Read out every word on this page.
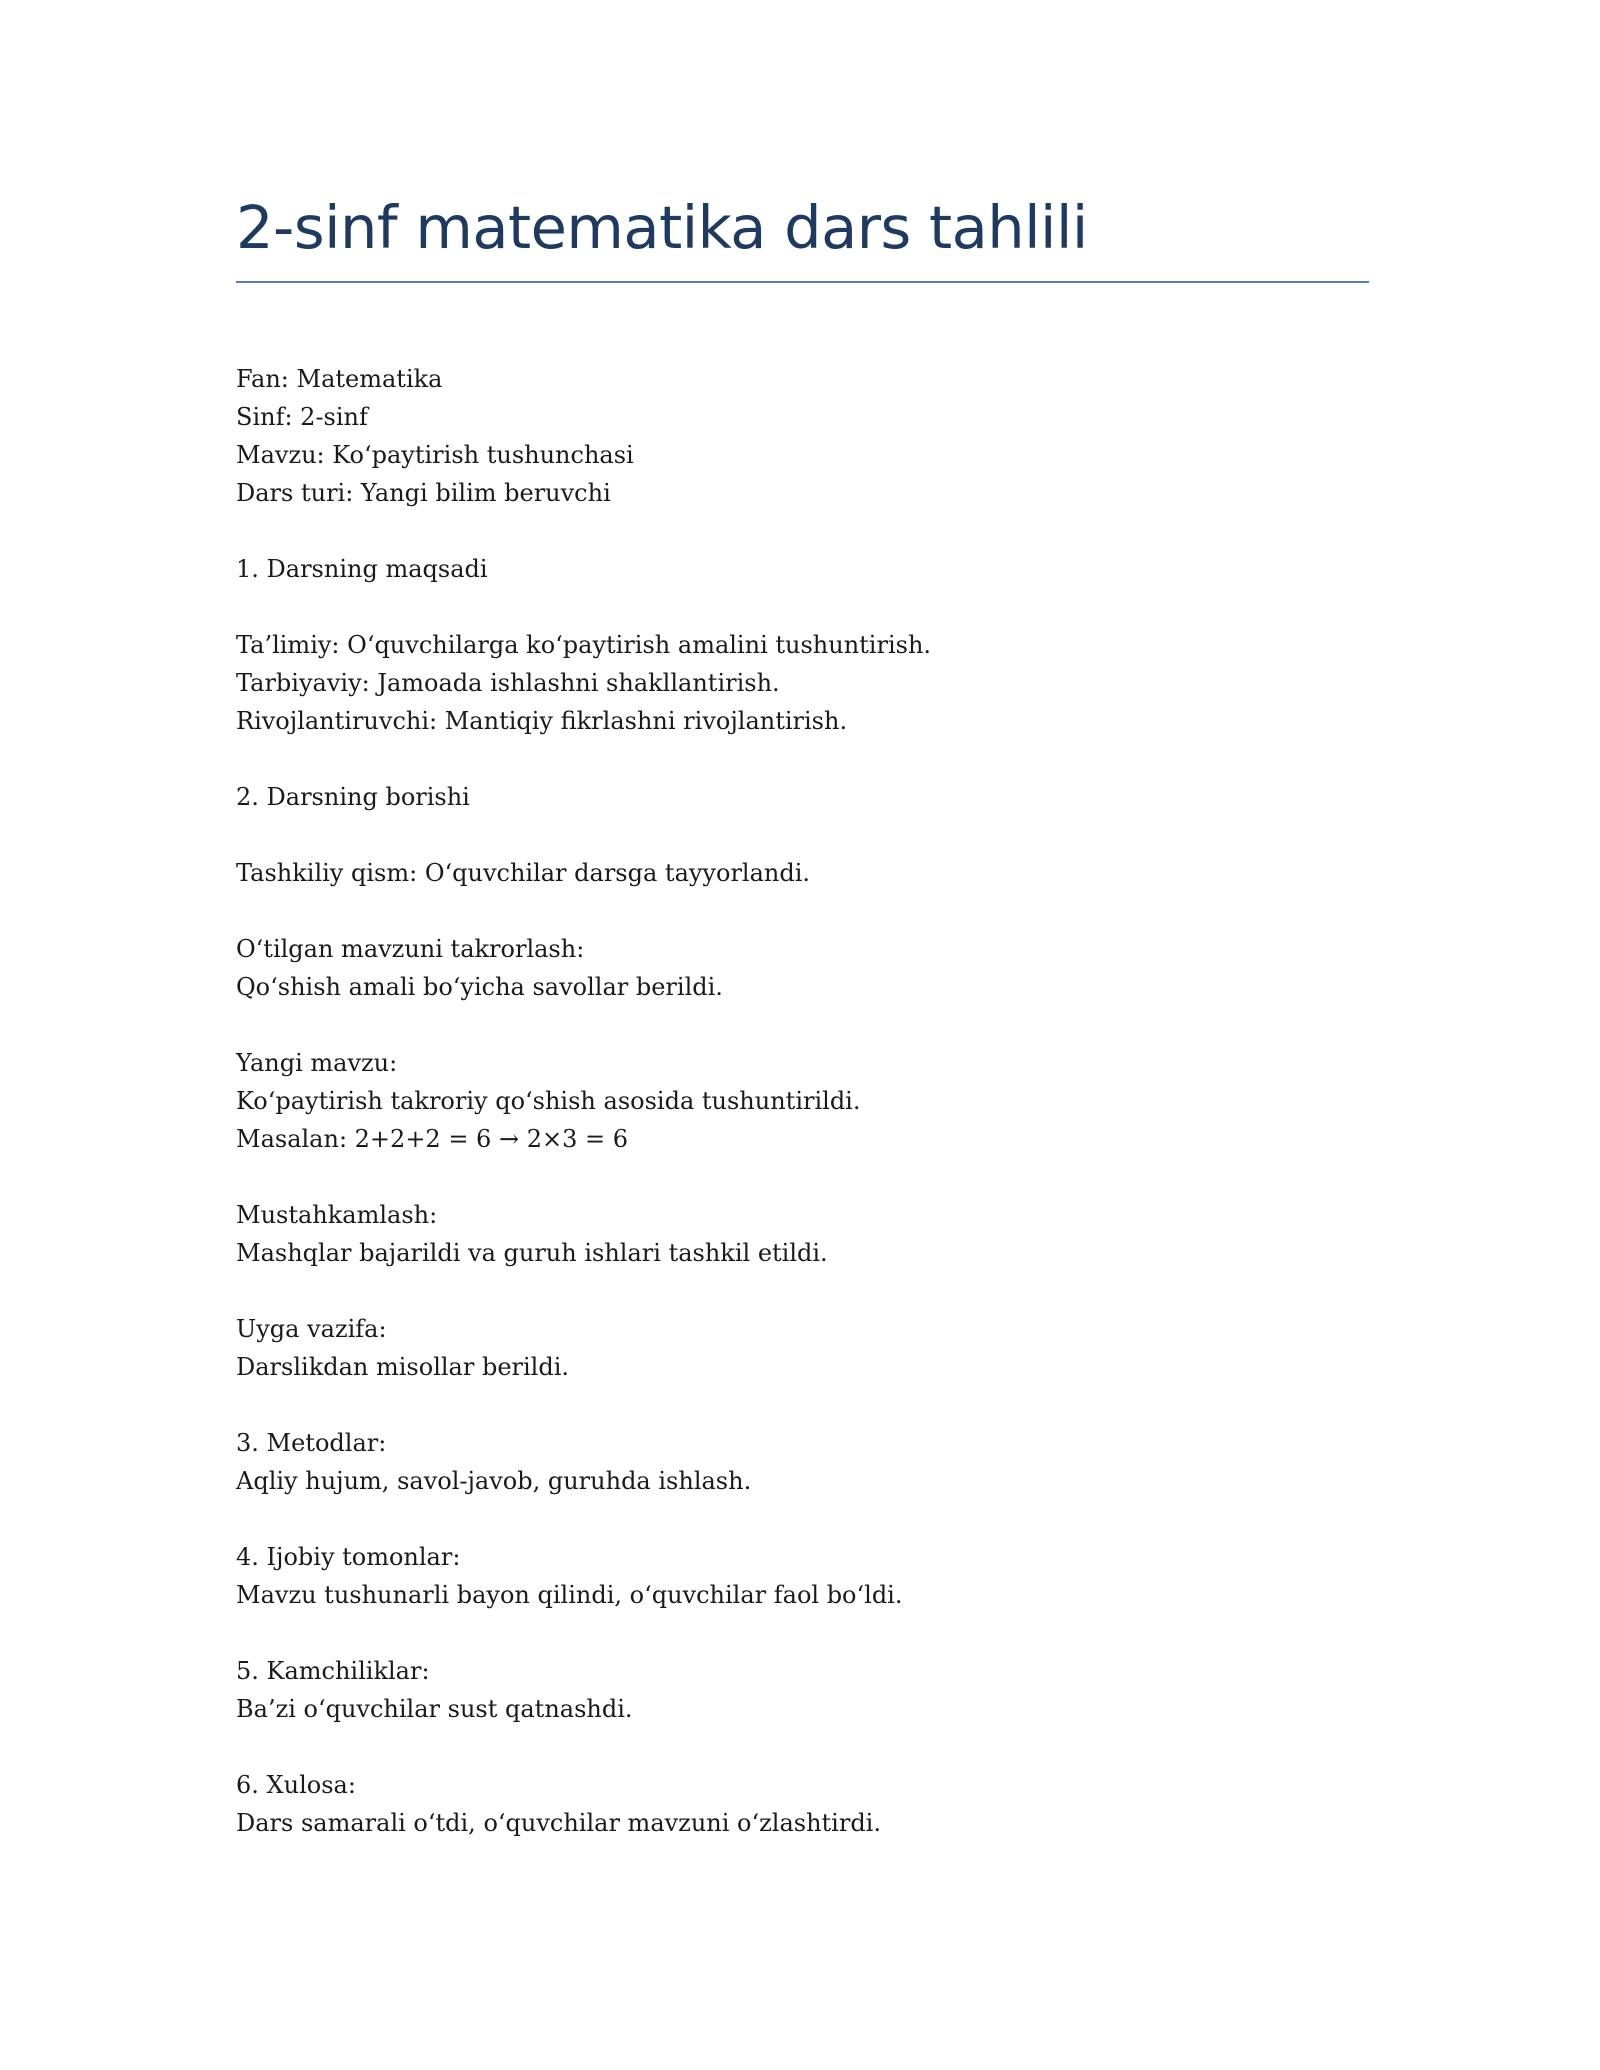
2-sinf matematika dars tahlili
Fan: Matematika
Sinf: 2-sinf
Mavzu: Ko‘paytirish tushunchasi
Dars turi: Yangi bilim beruvchi
1. Darsning maqsadi
Ta’limiy: O‘quvchilarga ko‘paytirish amalini tushuntirish.
Tarbiyaviy: Jamoada ishlashni shakllantirish.
Rivojlantiruvchi: Mantiqiy fikrlashni rivojlantirish.
2. Darsning borishi
Tashkiliy qism: O‘quvchilar darsga tayyorlandi.
O‘tilgan mavzuni takrorlash:
Qo‘shish amali bo‘yicha savollar berildi.
Yangi mavzu:
Ko‘paytirish takroriy qo‘shish asosida tushuntirildi.
Masalan: 2+2+2 = 6 → 2×3 = 6
Mustahkamlash:
Mashqlar bajarildi va guruh ishlari tashkil etildi.
Uyga vazifa:
Darslikdan misollar berildi.
3. Metodlar:
Aqliy hujum, savol-javob, guruhda ishlash.
4. Ijobiy tomonlar:
Mavzu tushunarli bayon qilindi, o‘quvchilar faol bo‘ldi.
5. Kamchiliklar:
Ba’zi o‘quvchilar sust qatnashdi.
6. Xulosa:
Dars samarali o‘tdi, o‘quvchilar mavzuni o‘zlashtirdi.
